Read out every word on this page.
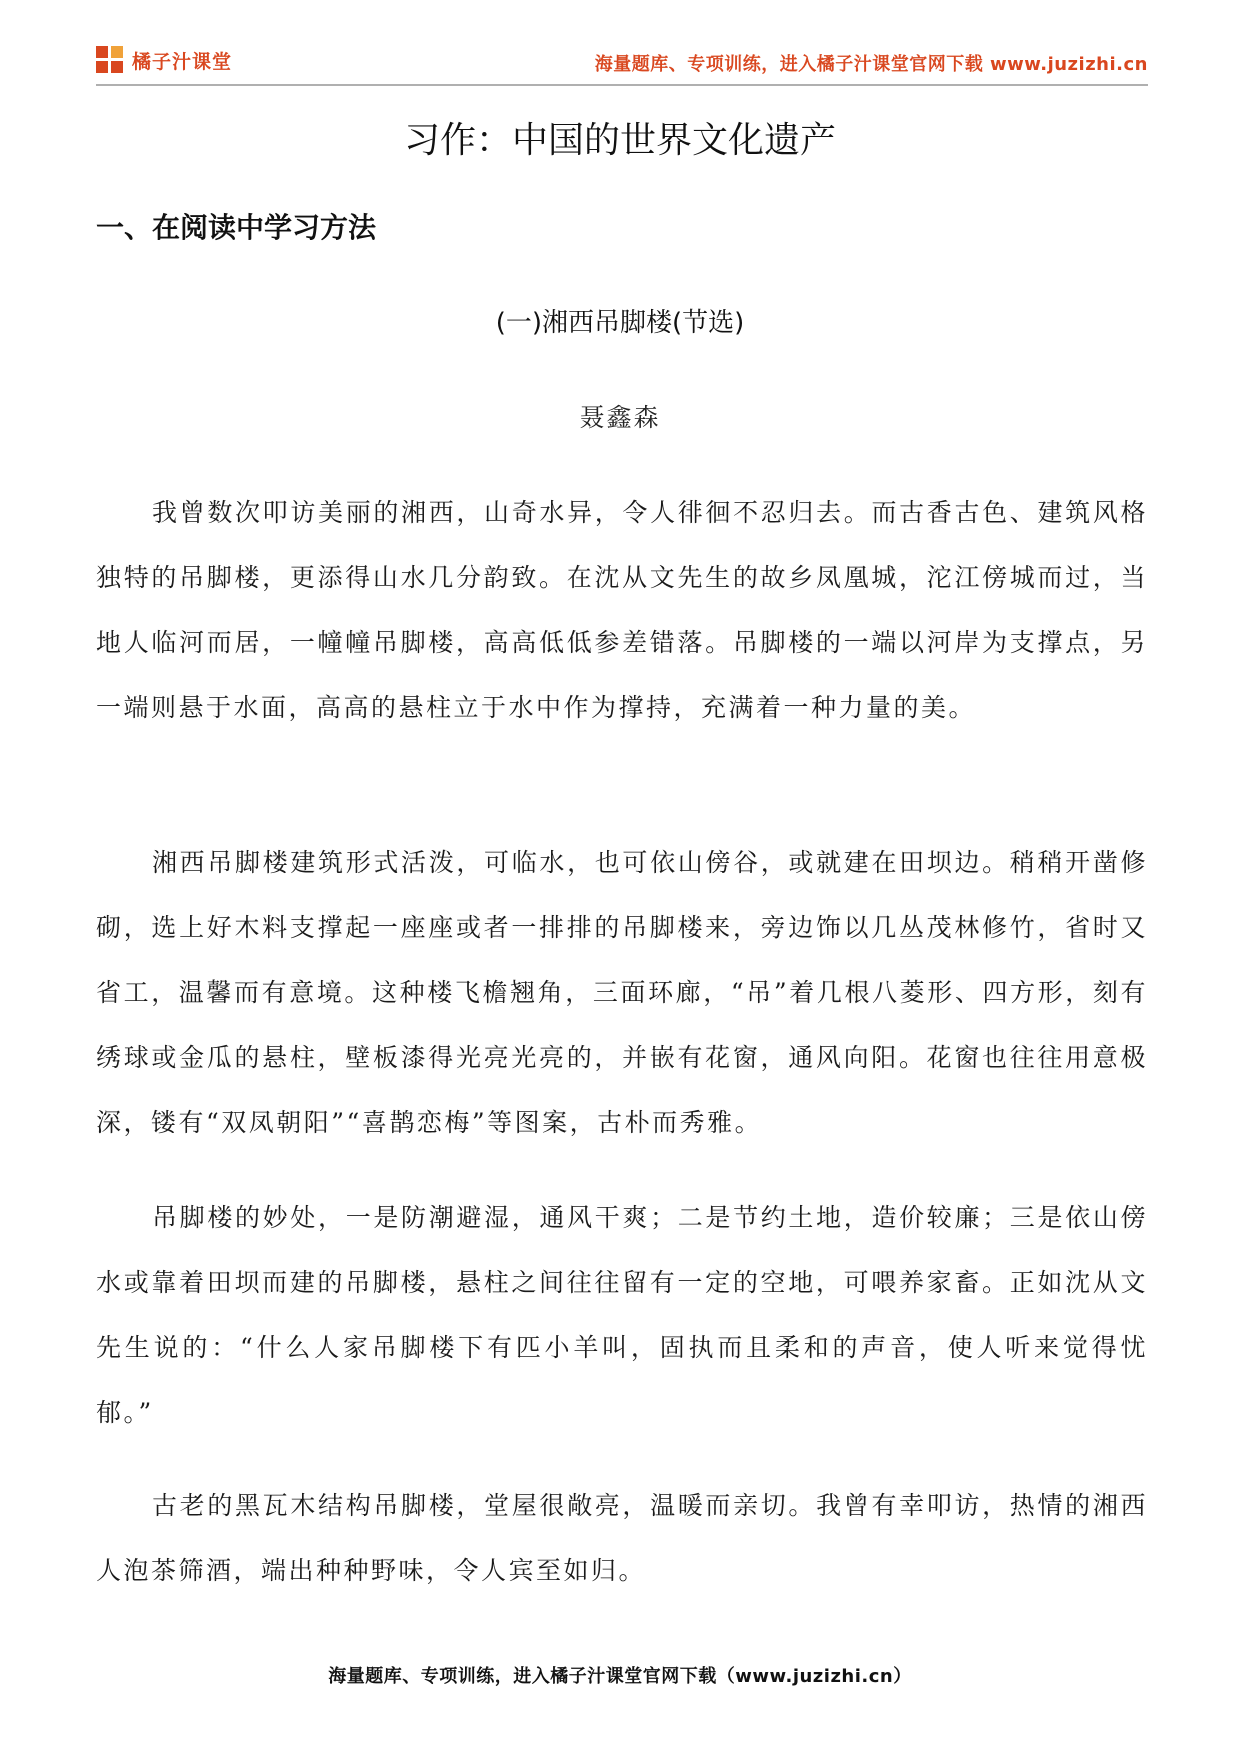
橘子汁课堂	海量题库、专项训练，进入橘子汁课堂官网下载 www.juzizhi.cn
习作：中国的世界文化遗产
一、在阅读中学习方法
(一)湘西吊脚楼(节选)
聂鑫森

我曾数次叩访美丽的湘西，山奇水异，令人徘徊不忍归去。而古香古色、建筑风格独特的吊脚楼，更添得山水几分韵致。在沈从文先生的故乡凤凰城，沱江傍城而过，当地人临河而居，一幢幢吊脚楼，高高低低参差错落。吊脚楼的一端以河岸为支撑点，另一端则悬于水面，高高的悬柱立于水中作为撑持，充满着一种力量的美。

湘西吊脚楼建筑形式活泼，可临水，也可依山傍谷，或就建在田坝边。稍稍开凿修砌，选上好木料支撑起一座座或者一排排的吊脚楼来，旁边饰以几丛茂林修竹，省时又省工，温馨而有意境。这种楼飞檐翘角，三面环廊，“吊”着几根八菱形、四方形，刻有绣球或金瓜的悬柱，壁板漆得光亮光亮的，并嵌有花窗，通风向阳。花窗也往往用意极深，镂有“双凤朝阳”“喜鹊恋梅”等图案，古朴而秀雅。

吊脚楼的妙处，一是防潮避湿，通风干爽；二是节约土地，造价较廉；三是依山傍水或靠着田坝而建的吊脚楼，悬柱之间往往留有一定的空地，可喂养家畜。正如沈从文先生说的：“什么人家吊脚楼下有匹小羊叫，固执而且柔和的声音，使人听来觉得忧郁。”

古老的黑瓦木结构吊脚楼，堂屋很敞亮，温暖而亲切。我曾有幸叩访，热情的湘西人泡茶筛酒，端出种种野味，令人宾至如归。

海量题库、专项训练，进入橘子汁课堂官网下载（www.juzizhi.cn）
